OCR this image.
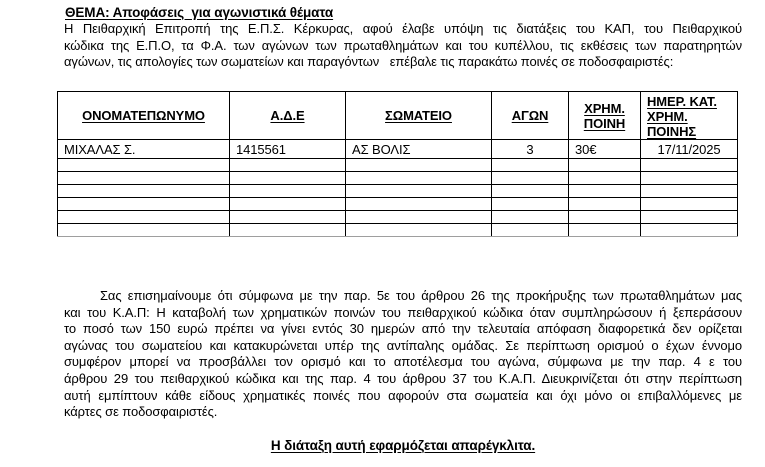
ΘΕΜΑ: Αποφάσεις  για αγωνιστικά θέματα
Η Πειθαρχική Επιτροπή της Ε.Π.Σ. Κέρκυρας, αφού έλαβε υπόψη τις διατάξεις του ΚΑΠ, του Πειθαρχικού
κώδικα της Ε.Π.Ο, τα Φ.Α. των αγώνων των πρωταθλημάτων και του κυπέλλου, τις εκθέσεις των παρατηρητών
αγώνων, τις απολογίες των σωματείων και παραγόντων   επέβαλε τις παρακάτω ποινές σε ποδοσφαιριστές:
ΟΝΟΜΑΤΕΠΩΝΥΜΟ	Α.Δ.Ε	ΣΩΜΑΤΕΙΟ	ΑΓΩΝ	ΧΡΗΜ. ΠΟΙΝΗ	ΗΜΕΡ. ΚΑΤ. ΧΡΗΜ. ΠΟΙΝΗΣ
ΜΙΧΑΛΑΣ Σ.	1415561	ΑΣ ΒΟΛΙΣ	3	30€	17/11/2025

Σας επισημαίνουμε ότι σύμφωνα με την παρ. 5ε του άρθρου 26 της προκήρυξης των πρωταθλημάτων μας
και του Κ.Α.Π: Η καταβολή των χρηματικών ποινών του πειθαρχικού κώδικα όταν συμπληρώσουν ή ξεπεράσουν
το ποσό των 150 ευρώ πρέπει να γίνει εντός 30 ημερών από την τελευταία απόφαση διαφορετικά δεν ορίζεται
αγώνας του σωματείου και κατακυρώνεται υπέρ της αντίπαλης ομάδας. Σε περίπτωση ορισμού ο έχων έννομο
συμφέρον μπορεί να προσβάλλει τον ορισμό και το αποτέλεσμα του αγώνα, σύμφωνα με την παρ. 4 ε του
άρθρου 29 του πειθαρχικού κώδικα και της παρ. 4 του άρθρου 37 του Κ.Α.Π. Διευκρινίζεται ότι στην περίπτωση
αυτή εμπίπτουν κάθε είδους χρηματικές ποινές που αφορούν στα σωματεία και όχι μόνο οι επιβαλλόμενες με
κάρτες σε ποδοσφαιριστές.
Η διάταξη αυτή εφαρμόζεται απαρέγκλιτα.
